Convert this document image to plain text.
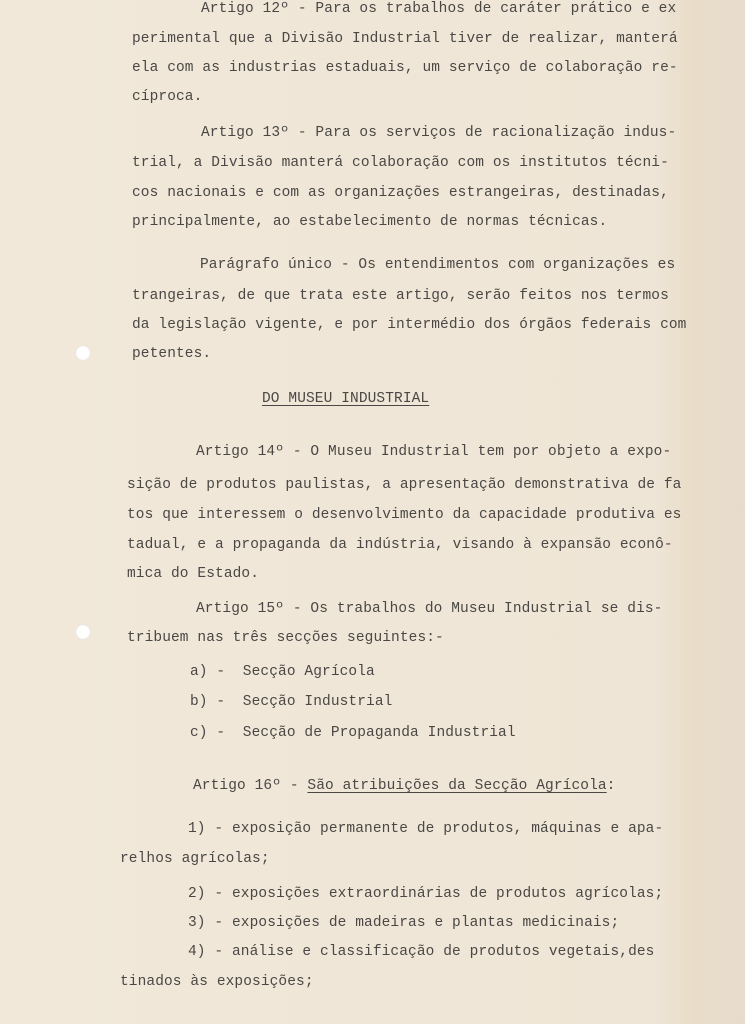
Artigo 12º - Para os trabalhos de caráter prático e ex
perimental que a Divisão Industrial tiver de realizar, manterá
ela com as industrias estaduais, um serviço de colaboração re-
cíproca.
Artigo 13º - Para os serviços de racionalização indus-
trial, a Divisão manterá colaboração com os institutos técni-
cos nacionais e com as organizações estrangeiras, destinadas,
principalmente, ao estabelecimento de normas técnicas.
Parágrafo único - Os entendimentos com organizações es
trangeiras, de que trata este artigo, serão feitos nos termos
da legislação vigente, e por intermédio dos órgãos federais com
petentes.
DO MUSEU INDUSTRIAL
Artigo 14º - O Museu Industrial tem por objeto a expo-
sição de produtos paulistas, a apresentação demonstrativa de fa
tos que interessem o desenvolvimento da capacidade produtiva es
tadual, e a propaganda da indústria, visando à expansão econô-
mica do Estado.
Artigo 15º - Os trabalhos do Museu Industrial se dis-
tribuem nas três secções seguintes:-
a) -  Secção Agrícola
b) -  Secção Industrial
c) -  Secção de Propaganda Industrial
Artigo 16º - São atribuições da Secção Agrícola:
1) - exposição permanente de produtos, máquinas e apa-
relhos agrícolas;
2) - exposições extraordinárias de produtos agrícolas;
3) - exposições de madeiras e plantas medicinais;
4) - análise e classificação de produtos vegetais,des
tinados às exposições;
